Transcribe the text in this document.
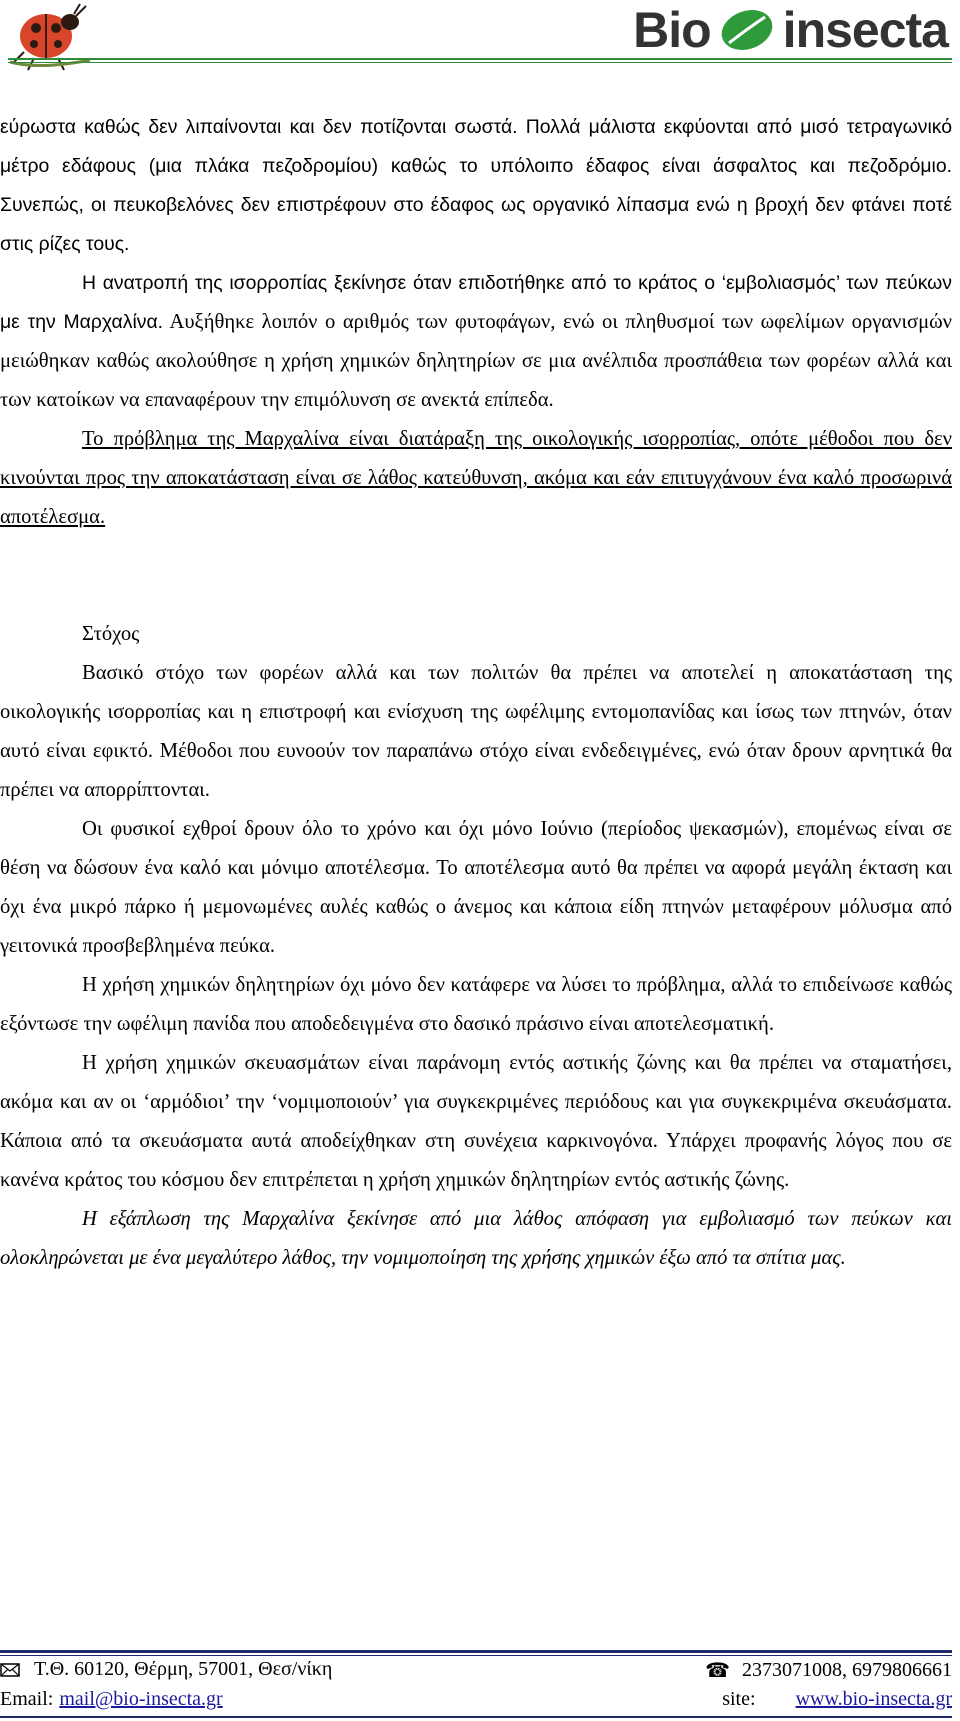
Bio insecta

εύρωστα καθώς δεν λιπαίνονται και δεν ποτίζονται σωστά. Πολλά μάλιστα εκφύονται από μισό τετραγωνικό μέτρο εδάφους (μια πλάκα πεζοδρομίου) καθώς το υπόλοιπο έδαφος είναι άσφαλτος και πεζοδρόμιο. Συνεπώς, οι πευκοβελόνες δεν επιστρέφουν στο έδαφος ως οργανικό λίπασμα ενώ η βροχή δεν φτάνει ποτέ στις ρίζες τους.

Η ανατροπή της ισορροπίας ξεκίνησε όταν επιδοτήθηκε από το κράτος ο ‘εμβολιασμός’ των πεύκων με την Μαρχαλίνα. Αυξήθηκε λοιπόν ο αριθμός των φυτοφάγων, ενώ οι πληθυσμοί των ωφελίμων οργανισμών μειώθηκαν καθώς ακολούθησε η χρήση χημικών δηλητηρίων σε μια ανέλπιδα προσπάθεια των φορέων αλλά και των κατοίκων να επαναφέρουν την επιμόλυνση σε ανεκτά επίπεδα.

Το πρόβλημα της Μαρχαλίνα είναι διατάραξη της οικολογικής ισορροπίας, οπότε μέθοδοι που δεν κινούνται προς την αποκατάσταση είναι σε λάθος κατεύθυνση, ακόμα και εάν επιτυγχάνουν ένα καλό προσωρινά αποτέλεσμα.

Στόχος

Βασικό στόχο των φορέων αλλά και των πολιτών θα πρέπει να αποτελεί η αποκατάσταση της οικολογικής ισορροπίας και η επιστροφή και ενίσχυση της ωφέλιμης εντομοπανίδας και ίσως των πτηνών, όταν αυτό είναι εφικτό. Μέθοδοι που ευνοούν τον παραπάνω στόχο είναι ενδεδειγμένες, ενώ όταν δρουν αρνητικά θα πρέπει να απορρίπτονται.

Οι φυσικοί εχθροί δρουν όλο το χρόνο και όχι μόνο Ιούνιο (περίοδος ψεκασμών), επομένως είναι σε θέση να δώσουν ένα καλό και μόνιμο αποτέλεσμα. Το αποτέλεσμα αυτό θα πρέπει να αφορά μεγάλη έκταση και όχι ένα μικρό πάρκο ή μεμονωμένες αυλές καθώς ο άνεμος και κάποια είδη πτηνών μεταφέρουν μόλυσμα από γειτονικά προσβεβλημένα πεύκα.

Η χρήση χημικών δηλητηρίων όχι μόνο δεν κατάφερε να λύσει το πρόβλημα, αλλά το επιδείνωσε καθώς εξόντωσε την ωφέλιμη πανίδα που αποδεδειγμένα στο δασικό πράσινο είναι αποτελεσματική.

Η χρήση χημικών σκευασμάτων είναι παράνομη εντός αστικής ζώνης και θα πρέπει να σταματήσει, ακόμα και αν οι ‘αρμόδιοι’ την ‘νομιμοποιούν’ για συγκεκριμένες περιόδους και για συγκεκριμένα σκευάσματα. Κάποια από τα σκευάσματα αυτά αποδείχθηκαν στη συνέχεια καρκινογόνα. Υπάρχει προφανής λόγος που σε κανένα κράτος του κόσμου δεν επιτρέπεται η χρήση χημικών δηλητηρίων εντός αστικής ζώνης.

Η εξάπλωση της Μαρχαλίνα ξεκίνησε από μια λάθος απόφαση για εμβολιασμό των πεύκων και ολοκληρώνεται με ένα μεγαλύτερο λάθος, την νομιμοποίηση της χρήσης χημικών έξω από τα σπίτια μας.

Τ.Θ. 60120, Θέρμη, 57001, Θεσ/νίκη	☎ 2373071008, 6979806661
Email: mail@bio-insecta.gr	site: www.bio-insecta.gr
